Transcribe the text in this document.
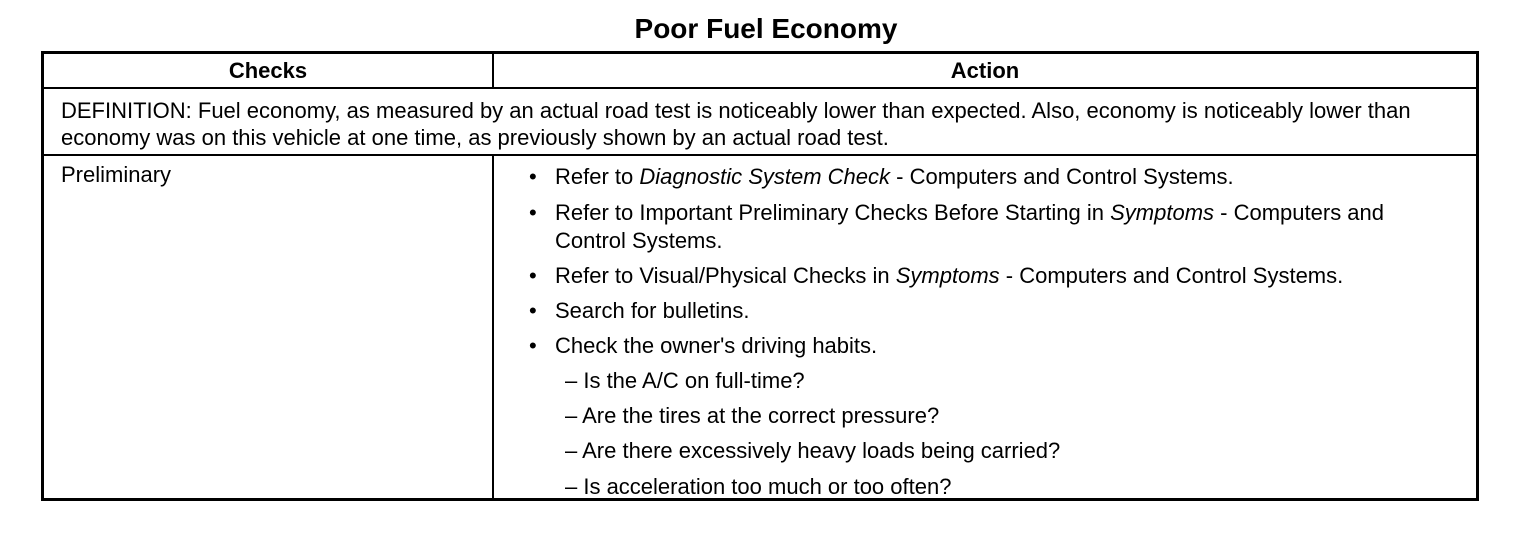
Poor Fuel Economy
Checks	Action
DEFINITION: Fuel economy, as measured by an actual road test is noticeably lower than expected. Also, economy is noticeably lower than economy was on this vehicle at one time, as previously shown by an actual road test.
Preliminary	• Refer to Diagnostic System Check - Computers and Control Systems.
• Refer to Important Preliminary Checks Before Starting in Symptoms - Computers and Control Systems.
• Refer to Visual/Physical Checks in Symptoms - Computers and Control Systems.
• Search for bulletins.
• Check the owner's driving habits.
– Is the A/C on full-time?
– Are the tires at the correct pressure?
– Are there excessively heavy loads being carried?
– Is acceleration too much or too often?
